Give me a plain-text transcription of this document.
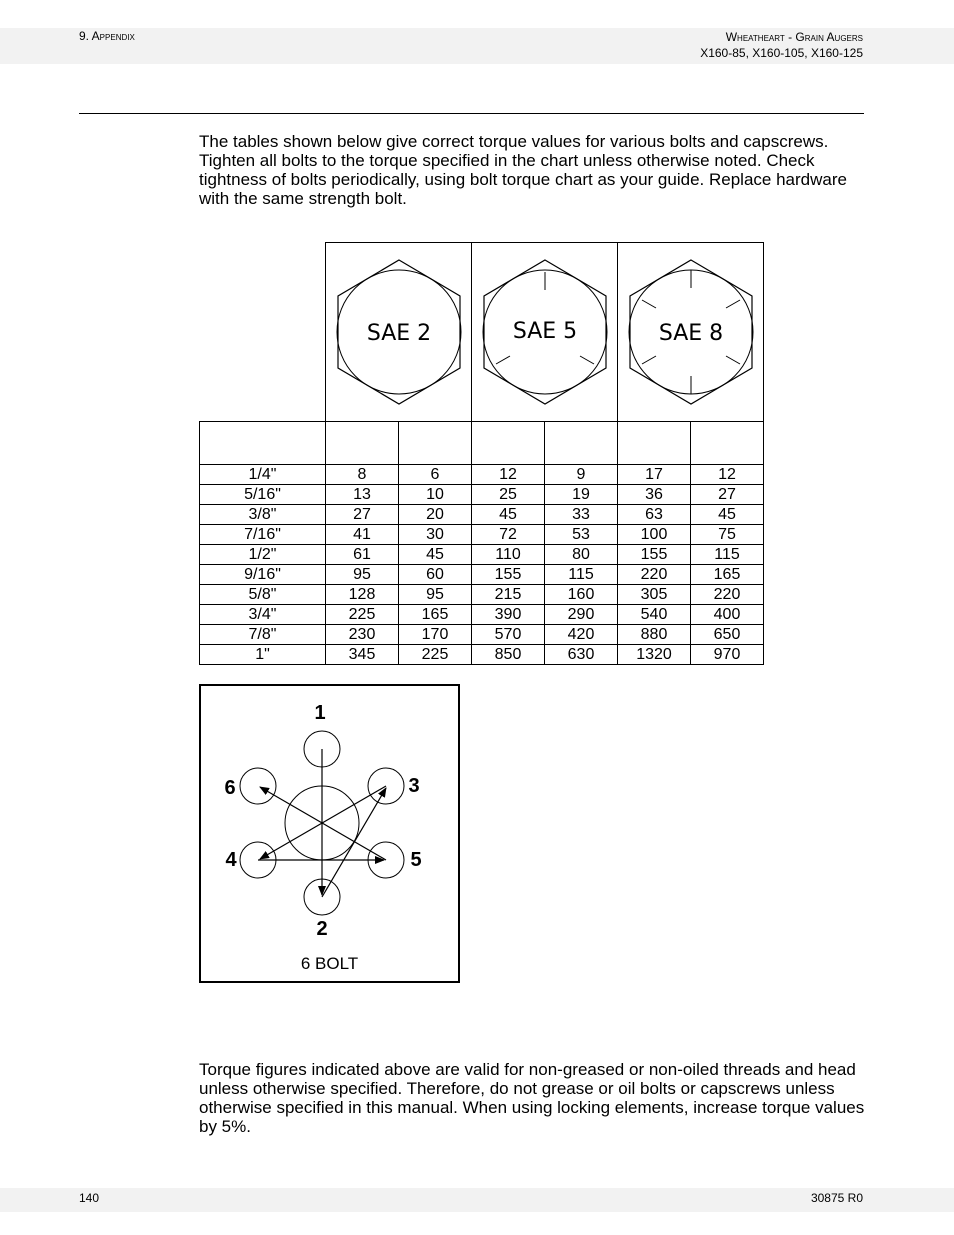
9. Appendix	Wheatheart - Grain Augers
X160-85, X160-105, X160-125
The tables shown below give correct torque values for various bolts and capscrews. Tighten all bolts to the torque specified in the chart unless otherwise noted. Check tightness of bolts periodically, using bolt torque chart as your guide. Replace hardware with the same strength bolt.

SAE 2		SAE 5		SAE 8	

1/4"	8	6	12	9	17	12
5/16"	13	10	25	19	36	27
3/8"	27	20	45	33	63	45
7/16"	41	30	72	53	100	75
1/2"	61	45	110	80	155	115
9/16"	95	60	155	115	220	165
5/8"	128	95	215	160	305	220
3/4"	225	165	390	290	540	400
7/8"	230	170	570	420	880	650
1"	345	225	850	630	1320	970
1
2
3
4	5
6
6 BOLT
Torque figures indicated above are valid for non-greased or non-oiled threads and head unless otherwise specified. Therefore, do not grease or oil bolts or capscrews unless otherwise specified in this manual. When using locking elements, increase torque values by 5%.
140	30875 R0
